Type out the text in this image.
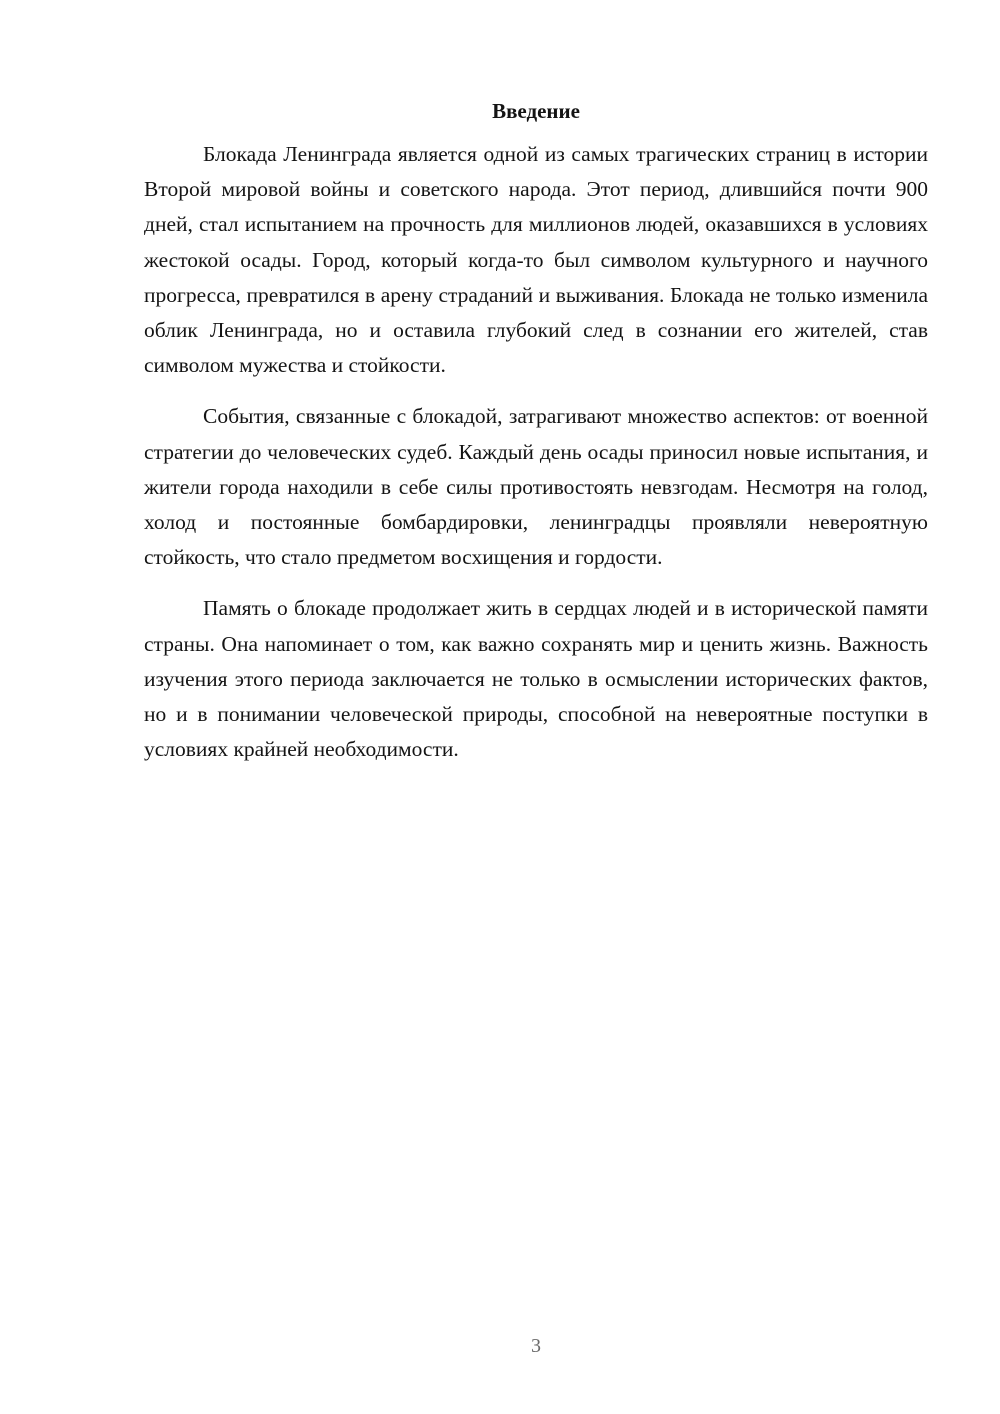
Введение

Блокада Ленинграда является одной из самых трагических страниц в истории Второй мировой войны и советского народа. Этот период, длившийся почти 900 дней, стал испытанием на прочность для миллионов людей, оказавшихся в условиях жестокой осады. Город, который когда-то был символом культурного и научного прогресса, превратился в арену страданий и выживания. Блокада не только изменила облик Ленинграда, но и оставила глубокий след в сознании его жителей, став символом мужества и стойкости.

События, связанные с блокадой, затрагивают множество аспектов: от военной стратегии до человеческих судеб. Каждый день осады приносил новые испытания, и жители города находили в себе силы противостоять невзгодам. Несмотря на голод, холод и постоянные бомбардировки, ленинградцы проявляли невероятную стойкость, что стало предметом восхищения и гордости.

Память о блокаде продолжает жить в сердцах людей и в исторической памяти страны. Она напоминает о том, как важно сохранять мир и ценить жизнь. Важность изучения этого периода заключается не только в осмыслении исторических фактов, но и в понимании человеческой природы, способной на невероятные поступки в условиях крайней необходимости.

3
